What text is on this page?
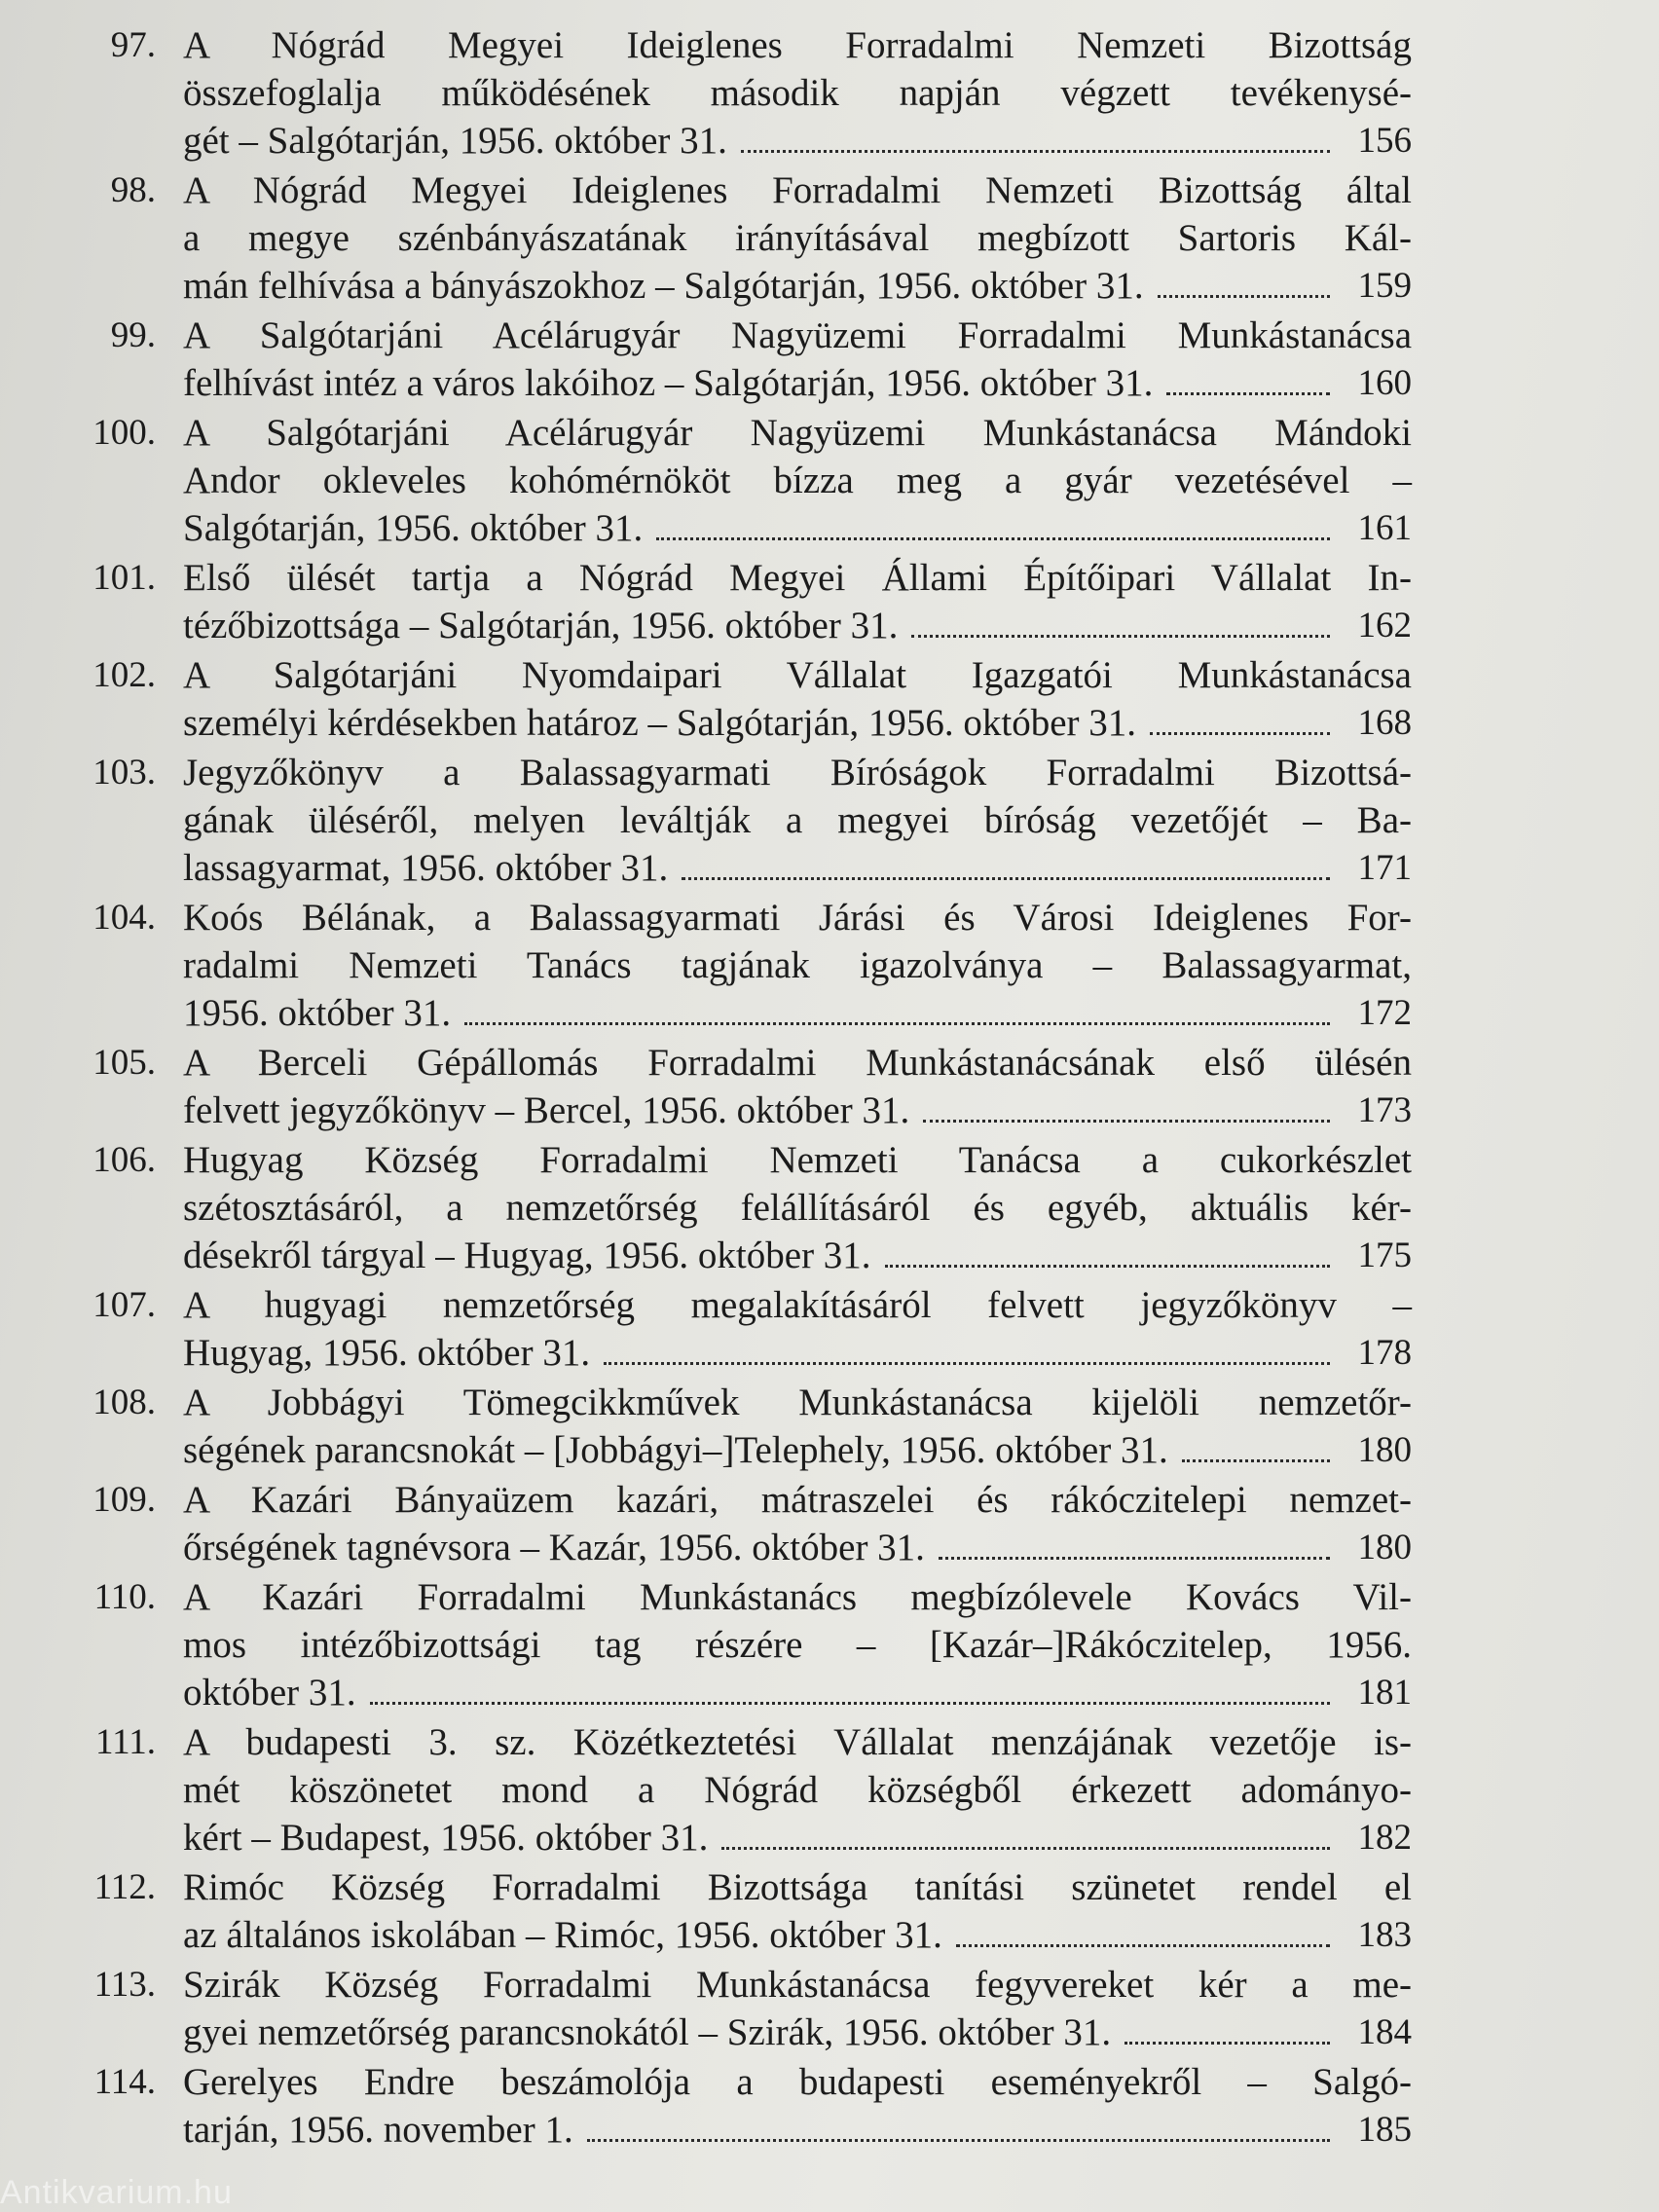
97. A Nógrád Megyei Ideiglenes Forradalmi Nemzeti Bizottság
összefoglalja működésének második napján végzett tevékenysé-
gét – Salgótarján, 1956. október 31.	156
98. A Nógrád Megyei Ideiglenes Forradalmi Nemzeti Bizottság által
a megye szénbányászatának irányításával megbízott Sartoris Kál-
mán felhívása a bányászokhoz – Salgótarján, 1956. október 31.	159
99. A Salgótarjáni Acélárugyár Nagyüzemi Forradalmi Munkástanácsa
felhívást intéz a város lakóihoz – Salgótarján, 1956. október 31.	160
100. A Salgótarjáni Acélárugyár Nagyüzemi Munkástanácsa Mándoki
Andor okleveles kohómérnököt bízza meg a gyár vezetésével –
Salgótarján, 1956. október 31.	161
101. Első ülését tartja a Nógrád Megyei Állami Építőipari Vállalat In-
tézőbizottsága – Salgótarján, 1956. október 31.	162
102. A Salgótarjáni Nyomdaipari Vállalat Igazgatói Munkástanácsa
személyi kérdésekben határoz – Salgótarján, 1956. október 31.	168
103. Jegyzőkönyv a Balassagyarmati Bíróságok Forradalmi Bizottsá-
gának üléséről, melyen leváltják a megyei bíróság vezetőjét – Ba-
lassagyarmat, 1956. október 31.	171
104. Koós Bélának, a Balassagyarmati Járási és Városi Ideiglenes For-
radalmi Nemzeti Tanács tagjának igazolványa – Balassagyarmat,
1956. október 31.	172
105. A Berceli Gépállomás Forradalmi Munkástanácsának első ülésén
felvett jegyzőkönyv – Bercel, 1956. október 31.	173
106. Hugyag Község Forradalmi Nemzeti Tanácsa a cukorkészlet
szétosztásáról, a nemzetőrség felállításáról és egyéb, aktuális kér-
désekről tárgyal – Hugyag, 1956. október 31.	175
107. A hugyagi nemzetőrség megalakításáról felvett jegyzőkönyv –
Hugyag, 1956. október 31.	178
108. A Jobbágyi Tömegcikkművek Munkástanácsa kijelöli nemzetőr-
ségének parancsnokát – [Jobbágyi–]Telephely, 1956. október 31.	180
109. A Kazári Bányaüzem kazári, mátraszelei és rákóczitelepi nemzet-
őrségének tagnévsora – Kazár, 1956. október 31.	180
110. A Kazári Forradalmi Munkástanács megbízólevele Kovács Vil-
mos intézőbizottsági tag részére – [Kazár–]Rákóczitelep, 1956.
október 31.	181
111. A budapesti 3. sz. Közétkeztetési Vállalat menzájának vezetője is-
mét köszönetet mond a Nógrád községből érkezett adományo-
kért – Budapest, 1956. október 31.	182
112. Rimóc Község Forradalmi Bizottsága tanítási szünetet rendel el
az általános iskolában – Rimóc, 1956. október 31.	183
113. Szirák Község Forradalmi Munkástanácsa fegyvereket kér a me-
gyei nemzetőrség parancsnokától – Szirák, 1956. október 31.	184
114. Gerelyes Endre beszámolója a budapesti eseményekről – Salgó-
tarján, 1956. november 1.	185
Antikvarium.hu
